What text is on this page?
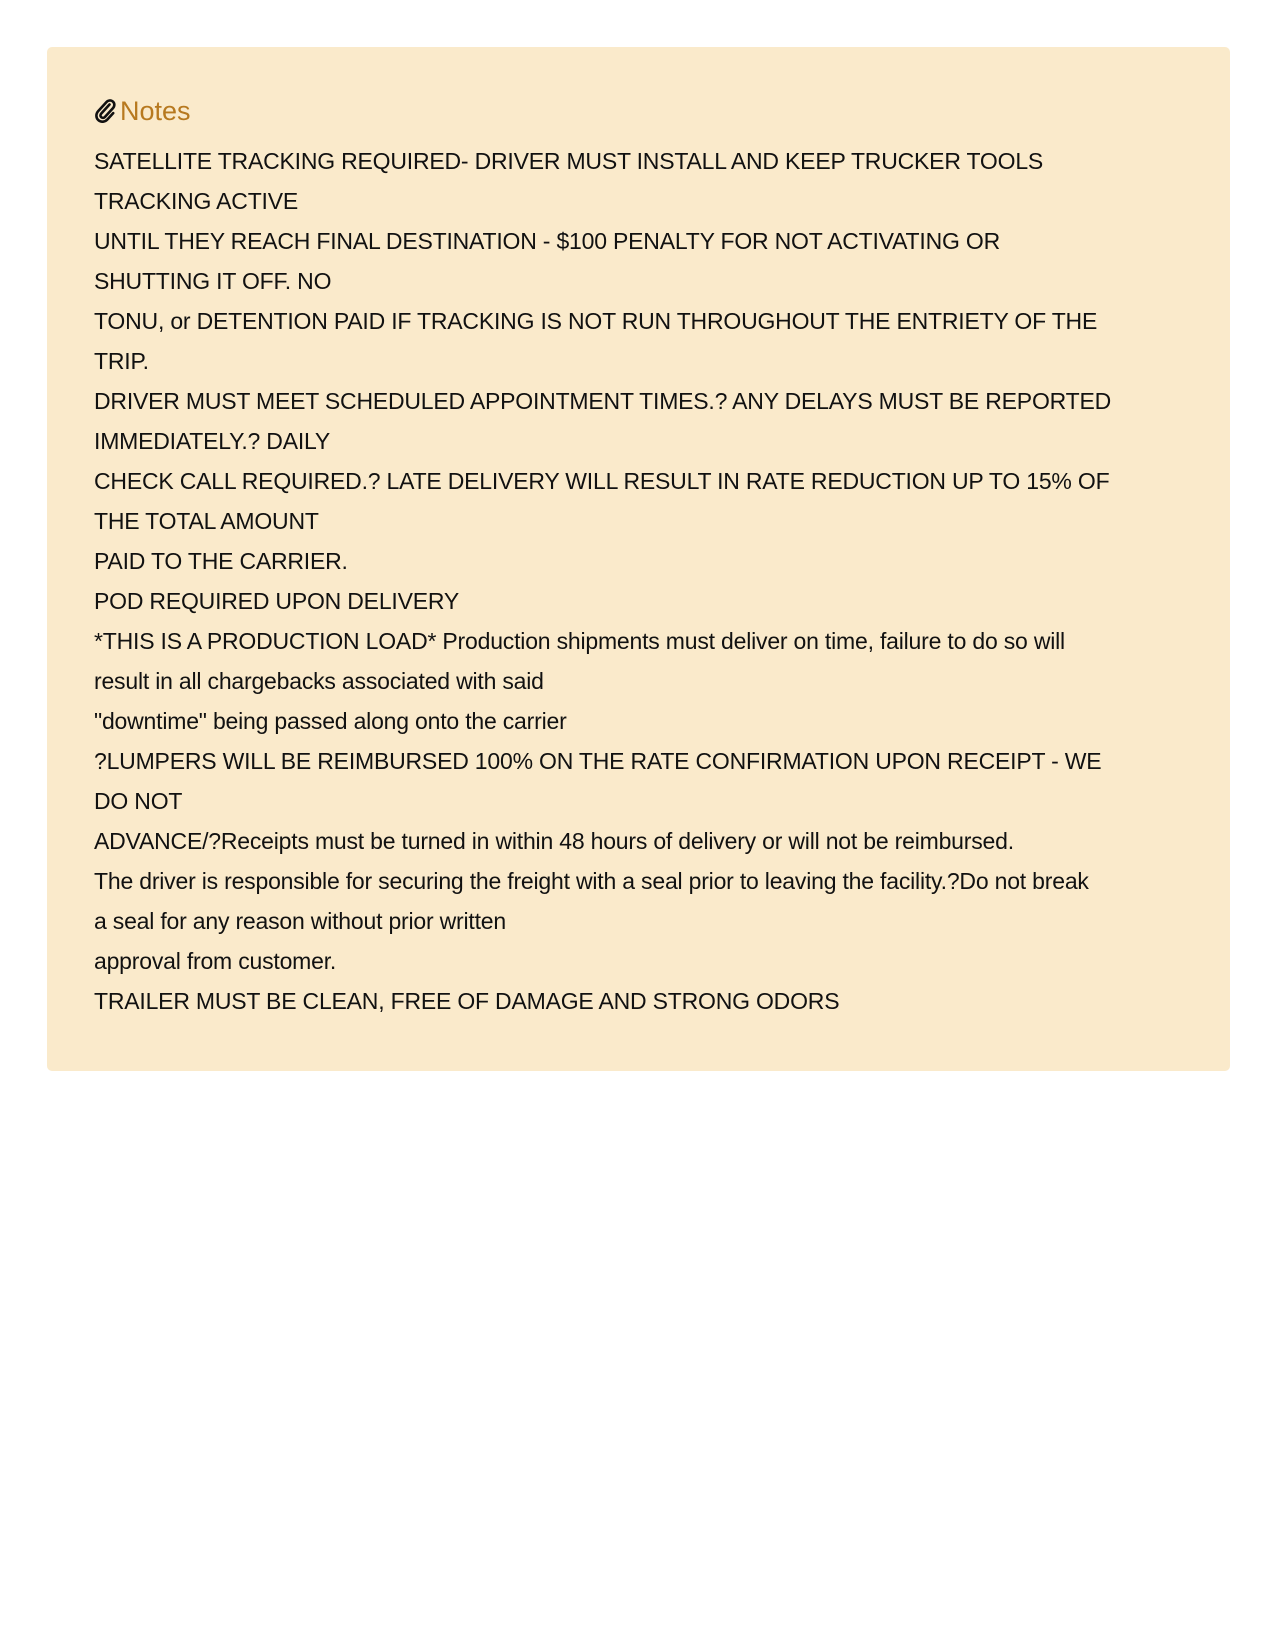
Notes
SATELLITE TRACKING REQUIRED- DRIVER MUST INSTALL AND KEEP TRUCKER TOOLS
TRACKING ACTIVE
UNTIL THEY REACH FINAL DESTINATION - $100 PENALTY FOR NOT ACTIVATING OR
SHUTTING IT OFF. NO
TONU, or DETENTION PAID IF TRACKING IS NOT RUN THROUGHOUT THE ENTRIETY OF THE
TRIP.
DRIVER MUST MEET SCHEDULED APPOINTMENT TIMES.? ANY DELAYS MUST BE REPORTED
IMMEDIATELY.? DAILY
CHECK CALL REQUIRED.? LATE DELIVERY WILL RESULT IN RATE REDUCTION UP TO 15% OF
THE TOTAL AMOUNT
PAID TO THE CARRIER.
POD REQUIRED UPON DELIVERY
*THIS IS A PRODUCTION LOAD* Production shipments must deliver on time, failure to do so will
result in all chargebacks associated with said
"downtime" being passed along onto the carrier
?LUMPERS WILL BE REIMBURSED 100% ON THE RATE CONFIRMATION UPON RECEIPT - WE
DO NOT
ADVANCE/?Receipts must be turned in within 48 hours of delivery or will not be reimbursed.
The driver is responsible for securing the freight with a seal prior to leaving the facility.?Do not break
a seal for any reason without prior written
approval from customer.
TRAILER MUST BE CLEAN, FREE OF DAMAGE AND STRONG ODORS
